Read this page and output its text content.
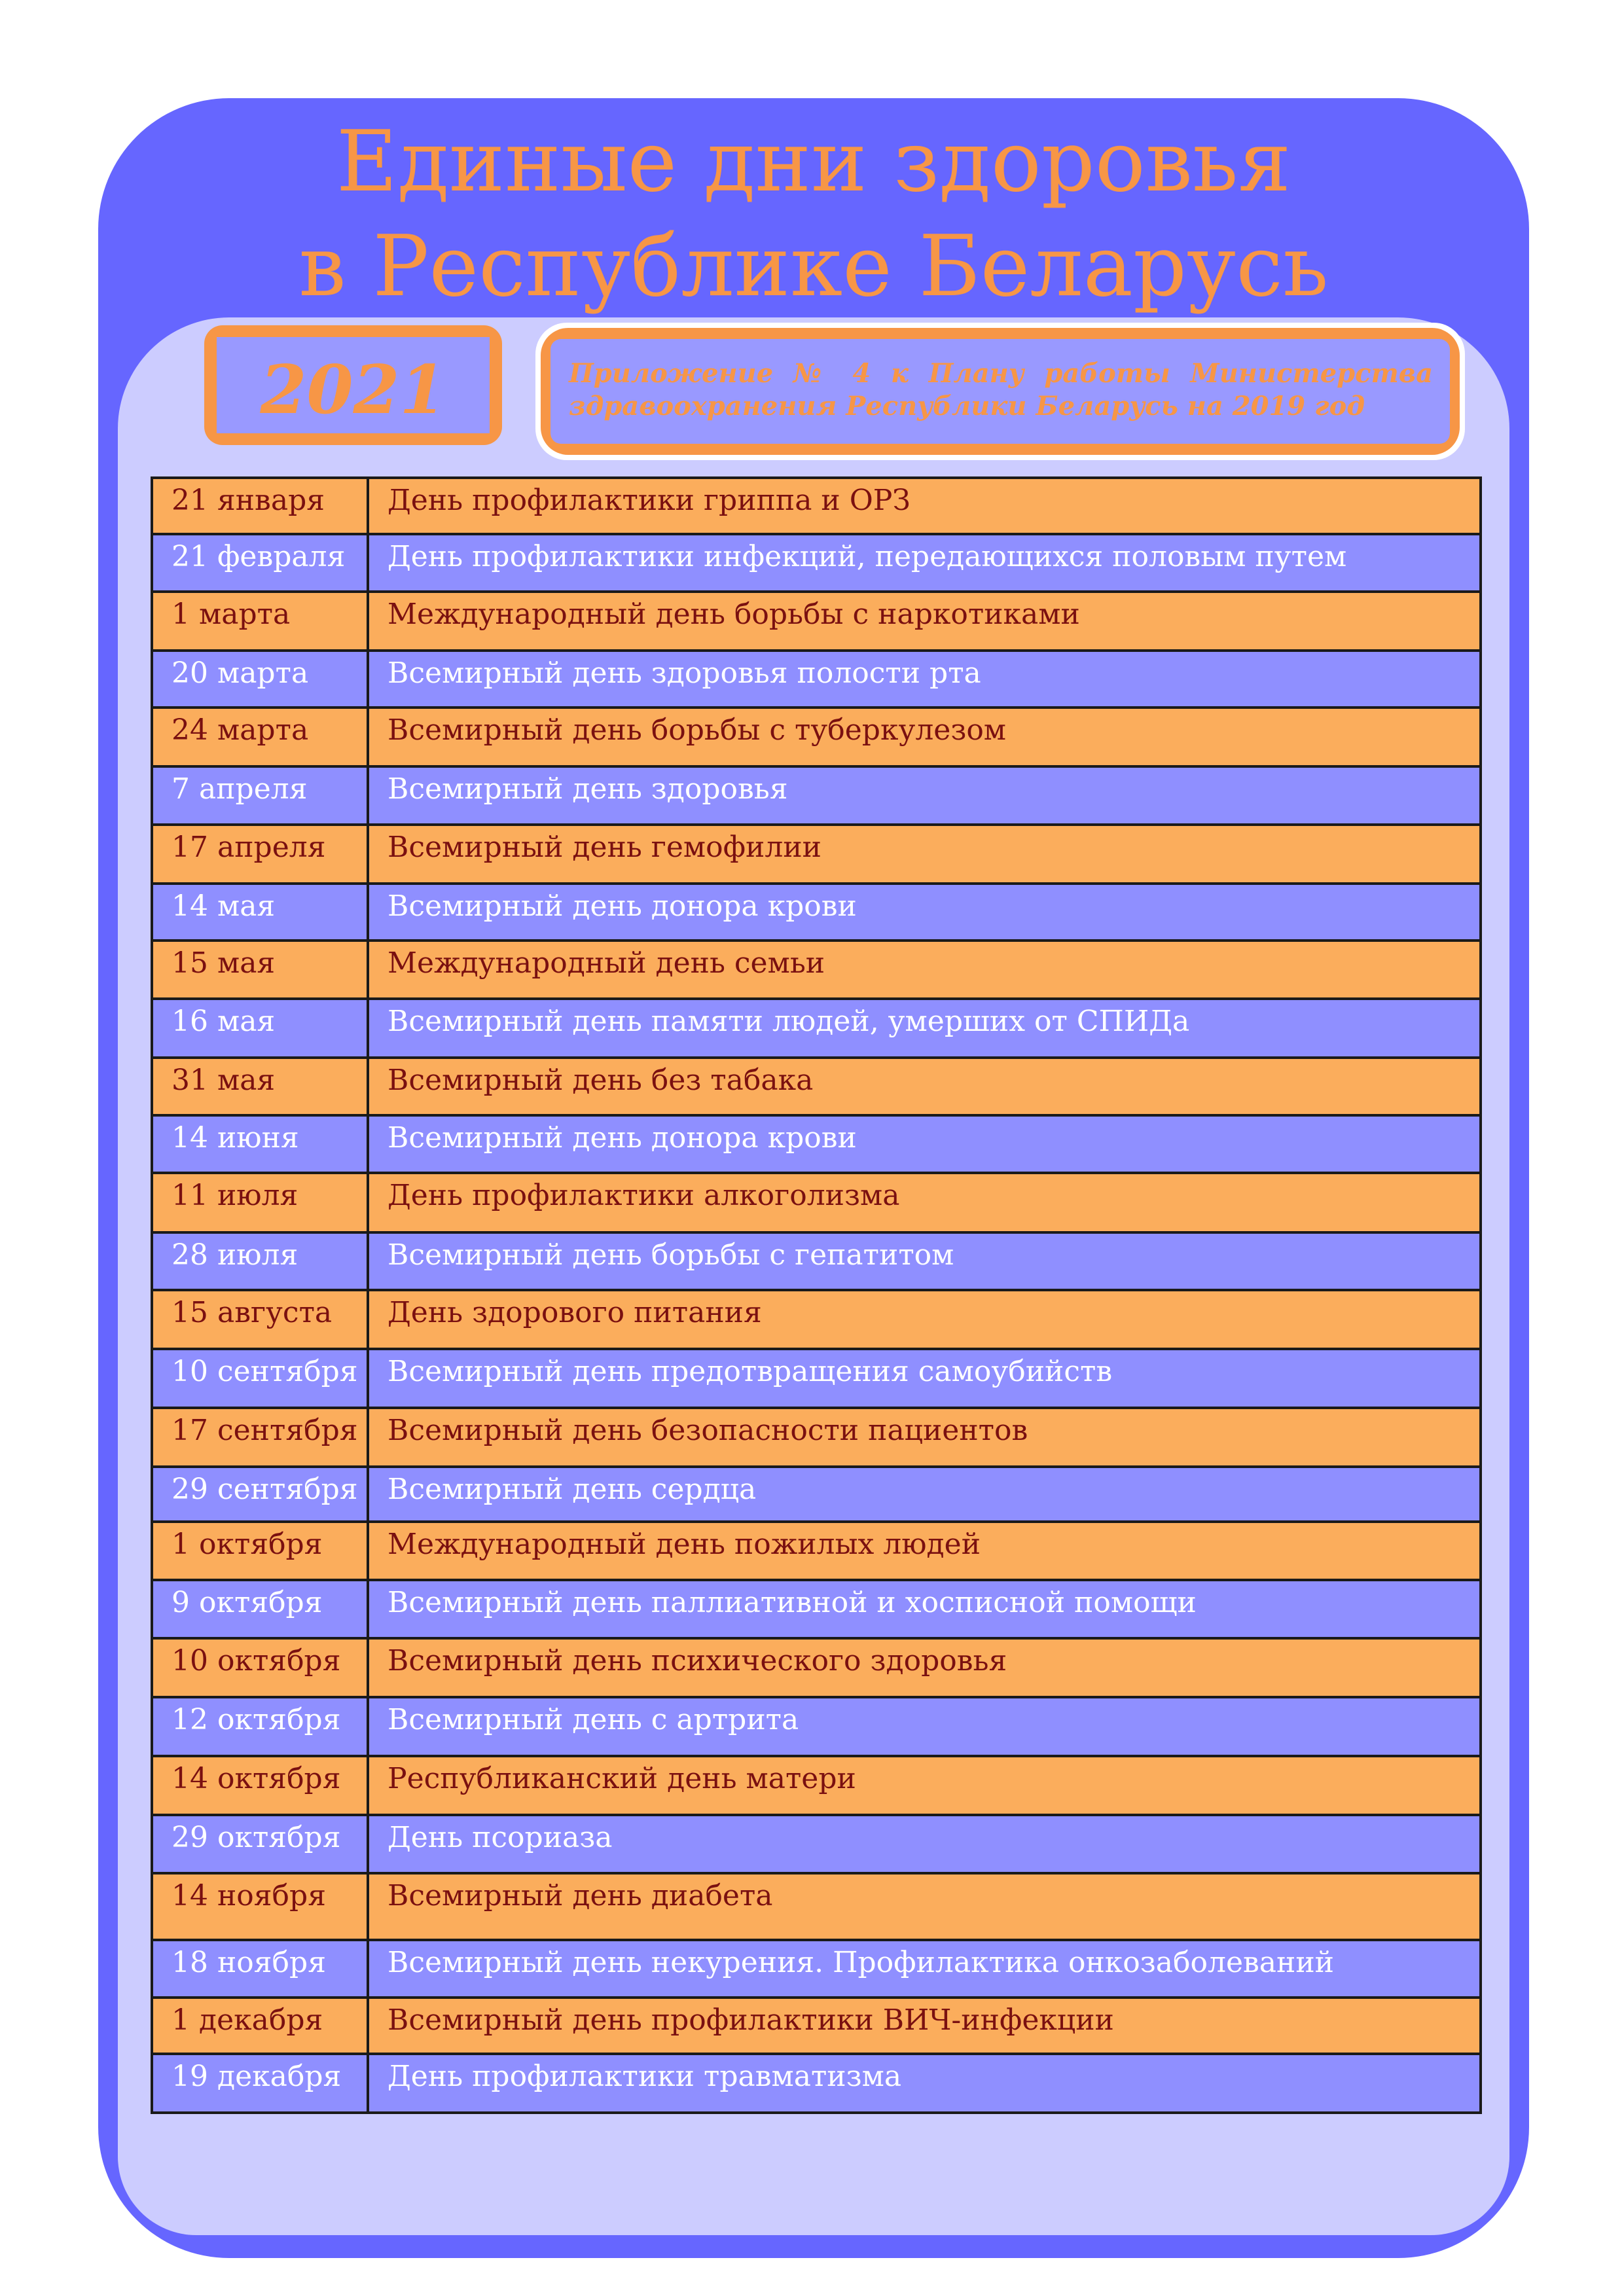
Единые дни здоровья
в Республике Беларусь
2021	Приложение № 4 к Плану работы Министерства
здравоохранения Республики Беларусь на 2019 год
21 января	День профилактики гриппа и ОРЗ
21 февраля	День профилактики инфекций, передающихся половым путем
1 марта	Международный день борьбы с наркотиками
20 марта	Всемирный день здоровья полости рта
24 марта	Всемирный день борьбы с туберкулезом
7 апреля	Всемирный день здоровья
17 апреля	Всемирный день гемофилии
14 мая	Всемирный день донора крови
15 мая	Международный день семьи
16 мая	Всемирный день памяти людей, умерших от СПИДа
31 мая	Всемирный день без табака
14 июня	Всемирный день донора крови
11 июля	День профилактики алкоголизма
28 июля	Всемирный день борьбы с гепатитом
15 августа	День здорового питания
10 сентября	Всемирный день предотвращения самоубийств
17 сентября	Всемирный день безопасности пациентов
29 сентября	Всемирный день сердца
1 октября	Международный день пожилых людей
9 октября	Всемирный день паллиативной и хосписной помощи
10 октября	Всемирный день психического здоровья
12 октября	Всемирный день с артрита
14 октября	Республиканский день матери
29 октября	День псориаза
14 ноября	Всемирный день диабета
18 ноября	Всемирный день некурения. Профилактика онкозаболеваний
1 декабря	Всемирный день профилактики ВИЧ-инфекции
19 декабря	День профилактики травматизма
